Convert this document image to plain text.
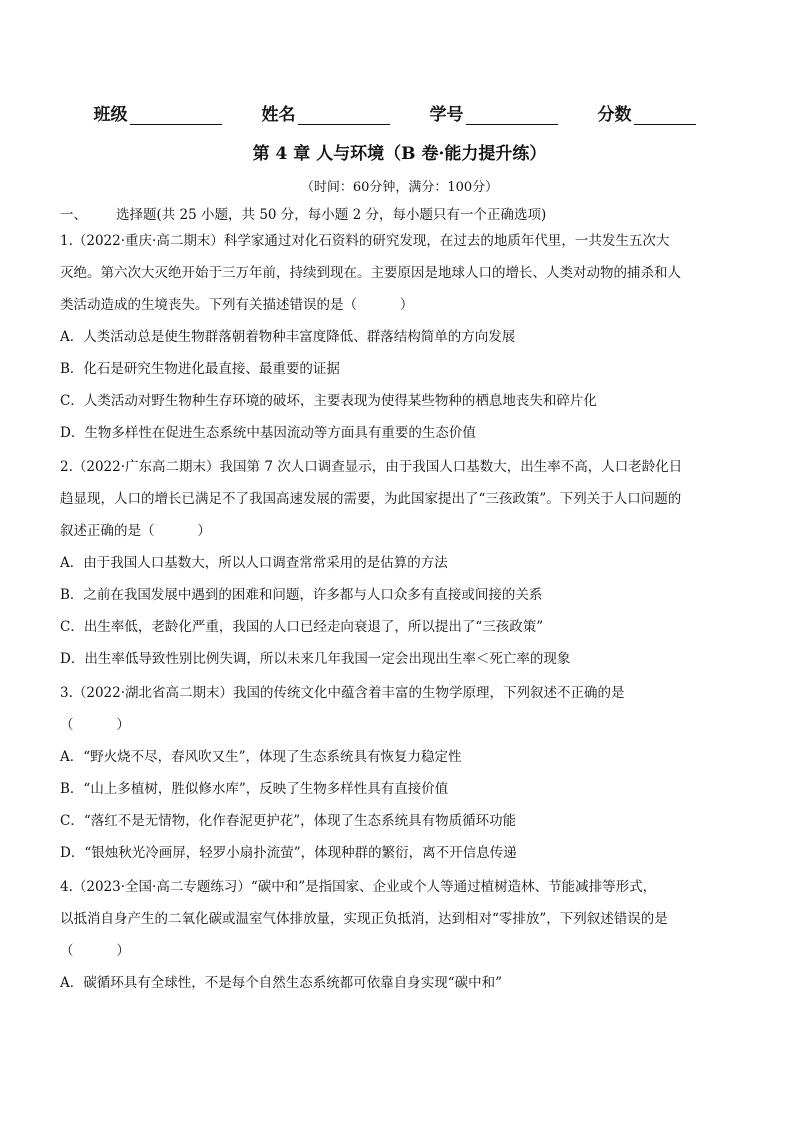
班级	姓名	学号	分数
第 4 章 人与环境（B 卷·能力提升练）
（时间：60分钟，满分：100分）
一、 选择题(共 25 小题，共 50 分，每小题 2 分，每小题只有一个正确选项)
1.（2022·重庆·高二期末）科学家通过对化石资料的研究发现，在过去的地质年代里，一共发生五次大
灭绝。第六次大灭绝开始于三万年前，持续到现在。主要原因是地球人口的增长、人类对动物的捕杀和人
类活动造成的生境丧失。下列有关描述错误的是（          ）
A．人类活动总是使生物群落朝着物种丰富度降低、群落结构简单的方向发展
B．化石是研究生物进化最直接、最重要的证据
C．人类活动对野生物种生存环境的破坏，主要表现为使得某些物种的栖息地丧失和碎片化
D．生物多样性在促进生态系统中基因流动等方面具有重要的生态价值
2.（2022·广东高二期末）我国第 7 次人口调查显示，由于我国人口基数大，出生率不高，人口老龄化日
趋显现，人口的增长已满足不了我国高速发展的需要，为此国家提出了“三孩政策”。下列关于人口问题的
叙述正确的是（          ）
A．由于我国人口基数大，所以人口调查常常采用的是估算的方法
B．之前在我国发展中遇到的困难和问题，许多都与人口众多有直接或间接的关系
C．出生率低，老龄化严重，我国的人口已经走向衰退了，所以提出了“三孩政策”
D．出生率低导致性别比例失调，所以未来几年我国一定会出现出生率＜死亡率的现象
3.（2022·湖北省高二期末）我国的传统文化中蕴含着丰富的生物学原理，下列叙述不正确的是
（          ）
A．“野火烧不尽，春风吹又生”，体现了生态系统具有恢复力稳定性
B．“山上多植树，胜似修水库”，反映了生物多样性具有直接价值
C．“落红不是无情物，化作春泥更护花”，体现了生态系统具有物质循环功能
D．“银烛秋光冷画屏，轻罗小扇扑流萤”，体现种群的繁衍，离不开信息传递
4.（2023·全国·高二专题练习）“碳中和”是指国家、企业或个人等通过植树造林、节能减排等形式，
以抵消自身产生的二氧化碳或温室气体排放量，实现正负抵消，达到相对“零排放”，下列叙述错误的是
（          ）
A．碳循环具有全球性，不是每个自然生态系统都可依靠自身实现“碳中和”
